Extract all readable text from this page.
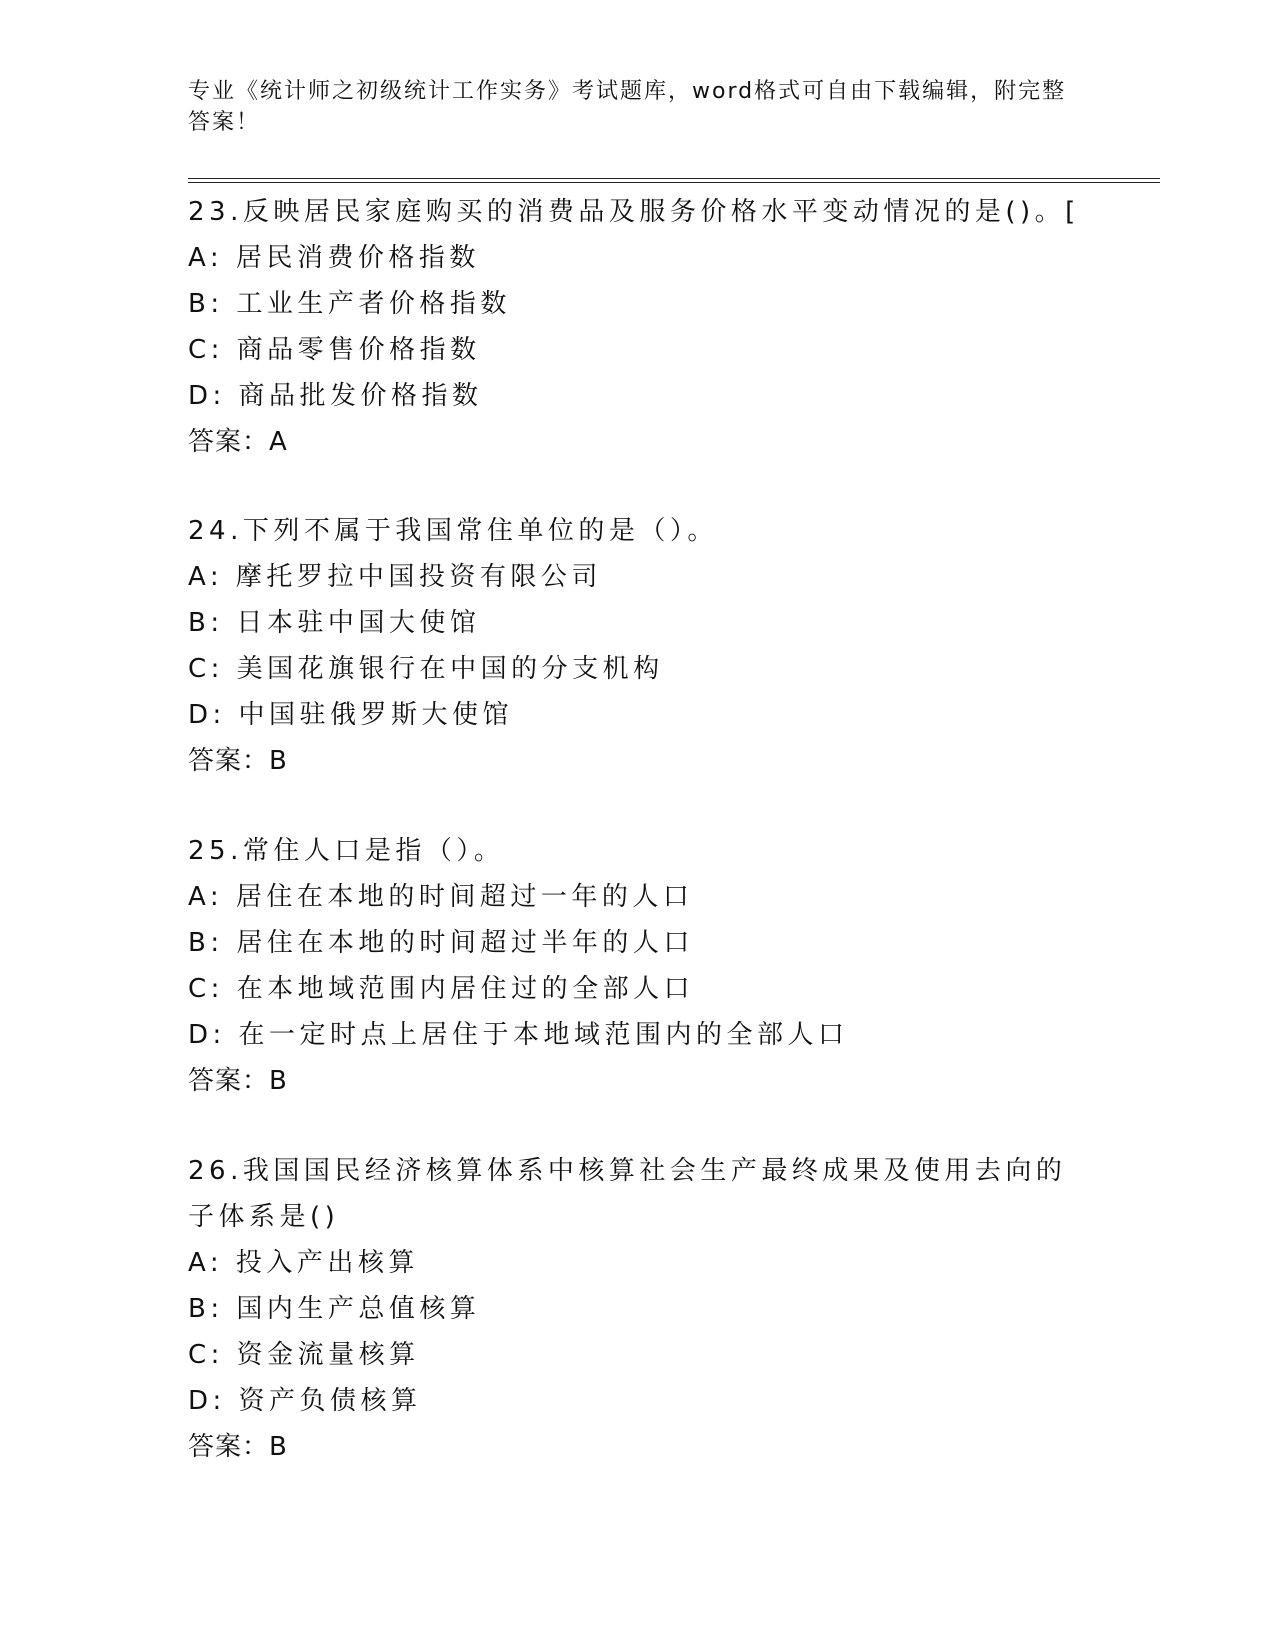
专业《统计师之初级统计工作实务》考试题库，word格式可自由下载编辑，附完整答案！
23.反映居民家庭购买的消费品及服务价格水平变动情况的是()。[
A: 居民消费价格指数
B: 工业生产者价格指数
C: 商品零售价格指数
D: 商品批发价格指数
答案：A
24.下列不属于我国常住单位的是（）。
A: 摩托罗拉中国投资有限公司
B: 日本驻中国大使馆
C: 美国花旗银行在中国的分支机构
D: 中国驻俄罗斯大使馆
答案：B
25.常住人口是指（）。
A: 居住在本地的时间超过一年的人口
B: 居住在本地的时间超过半年的人口
C: 在本地域范围内居住过的全部人口
D: 在一定时点上居住于本地域范围内的全部人口
答案：B
26.我国国民经济核算体系中核算社会生产最终成果及使用去向的子体系是()
A: 投入产出核算
B: 国内生产总值核算
C: 资金流量核算
D: 资产负债核算
答案：B
